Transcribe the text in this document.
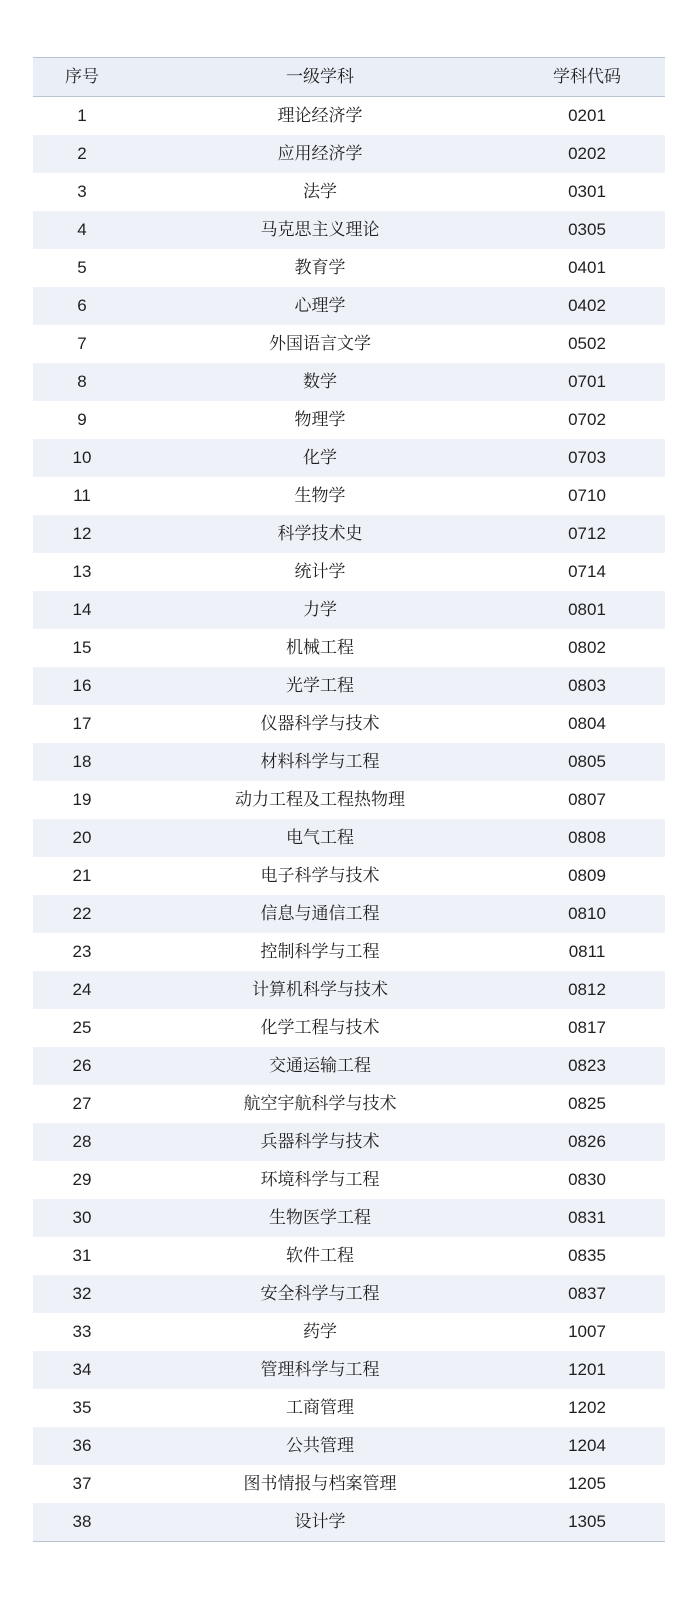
序号	一级学科	学科代码
1	理论经济学	0201
2	应用经济学	0202
3	法学	0301
4	马克思主义理论	0305
5	教育学	0401
6	心理学	0402
7	外国语言文学	0502
8	数学	0701
9	物理学	0702
10	化学	0703
11	生物学	0710
12	科学技术史	0712
13	统计学	0714
14	力学	0801
15	机械工程	0802
16	光学工程	0803
17	仪器科学与技术	0804
18	材料科学与工程	0805
19	动力工程及工程热物理	0807
20	电气工程	0808
21	电子科学与技术	0809
22	信息与通信工程	0810
23	控制科学与工程	0811
24	计算机科学与技术	0812
25	化学工程与技术	0817
26	交通运输工程	0823
27	航空宇航科学与技术	0825
28	兵器科学与技术	0826
29	环境科学与工程	0830
30	生物医学工程	0831
31	软件工程	0835
32	安全科学与工程	0837
33	药学	1007
34	管理科学与工程	1201
35	工商管理	1202
36	公共管理	1204
37	图书情报与档案管理	1205
38	设计学	1305
